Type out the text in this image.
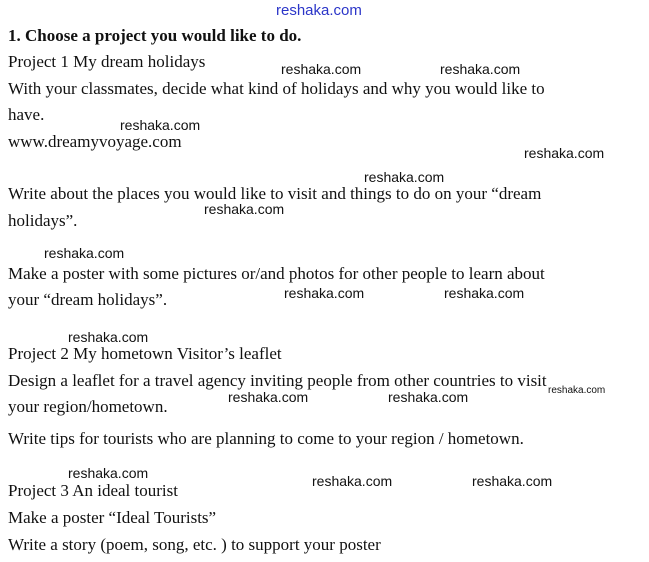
reshaka.com
1. Choose a project you would like to do.
Project 1 My dream holidays
With your classmates, decide what kind of holidays and why you would like to
have.
www.dreamyvoyage.com
Write about the places you would like to visit and things to do on your “dream
holidays”.
Make a poster with some pictures or/and photos for other people to learn about
your “dream holidays”.
Project 2 My hometown Visitor’s leaflet
Design a leaflet for a travel agency inviting people from other countries to visit
your region/hometown.
Write tips for tourists who are planning to come to your region / hometown.
Project 3 An ideal tourist
Make a poster “Ideal Tourists”
Write a story (poem, song, etc. ) to support your poster
reshaka.com	reshaka.com
reshaka.com
reshaka.com
reshaka.com
reshaka.com
reshaka.com
reshaka.com	reshaka.com
reshaka.com
reshaka.com	reshaka.com	reshaka.com
reshaka.com	reshaka.com	reshaka.com
